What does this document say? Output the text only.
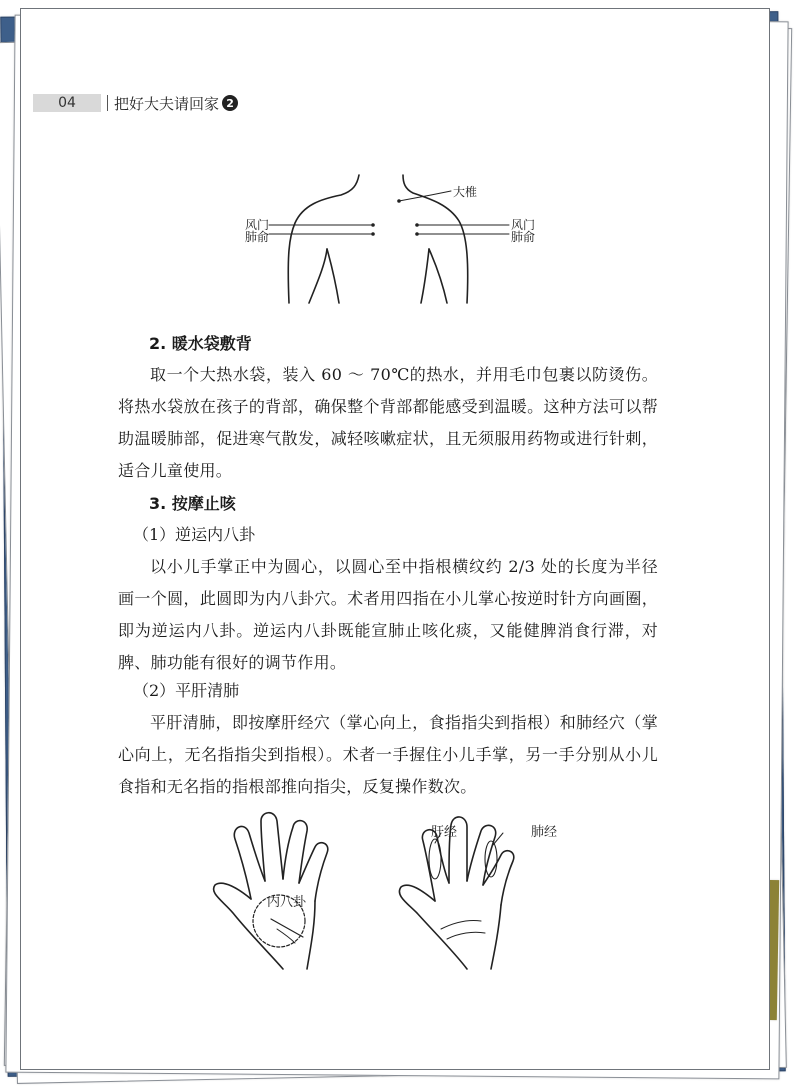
04	把好大夫请回家 2
大椎
风门
肺俞
风门
肺俞
2. 暖水袋敷背

取一个大热水袋，装入 60 ～ 70℃的热水，并用毛巾包裹以防烫伤。将热水袋放在孩子的背部，确保整个背部都能感受到温暖。这种方法可以帮助温暖肺部，促进寒气散发，减轻咳嗽症状，且无须服用药物或进行针刺，适合儿童使用。

3. 按摩止咳
（1）逆运内八卦

以小儿手掌正中为圆心，以圆心至中指根横纹约 2/3 处的长度为半径画一个圆，此圆即为内八卦穴。术者用四指在小儿掌心按逆时针方向画圈，即为逆运内八卦。逆运内八卦既能宣肺止咳化痰，又能健脾消食行滞，对脾、肺功能有很好的调节作用。

（2）平肝清肺

平肝清肺，即按摩肝经穴（掌心向上，食指指尖到指根）和肺经穴（掌心向上，无名指指尖到指根）。术者一手握住小儿手掌，另一手分别从小儿食指和无名指的指根部推向指尖，反复操作数次。

内八卦
肝经	肺经
